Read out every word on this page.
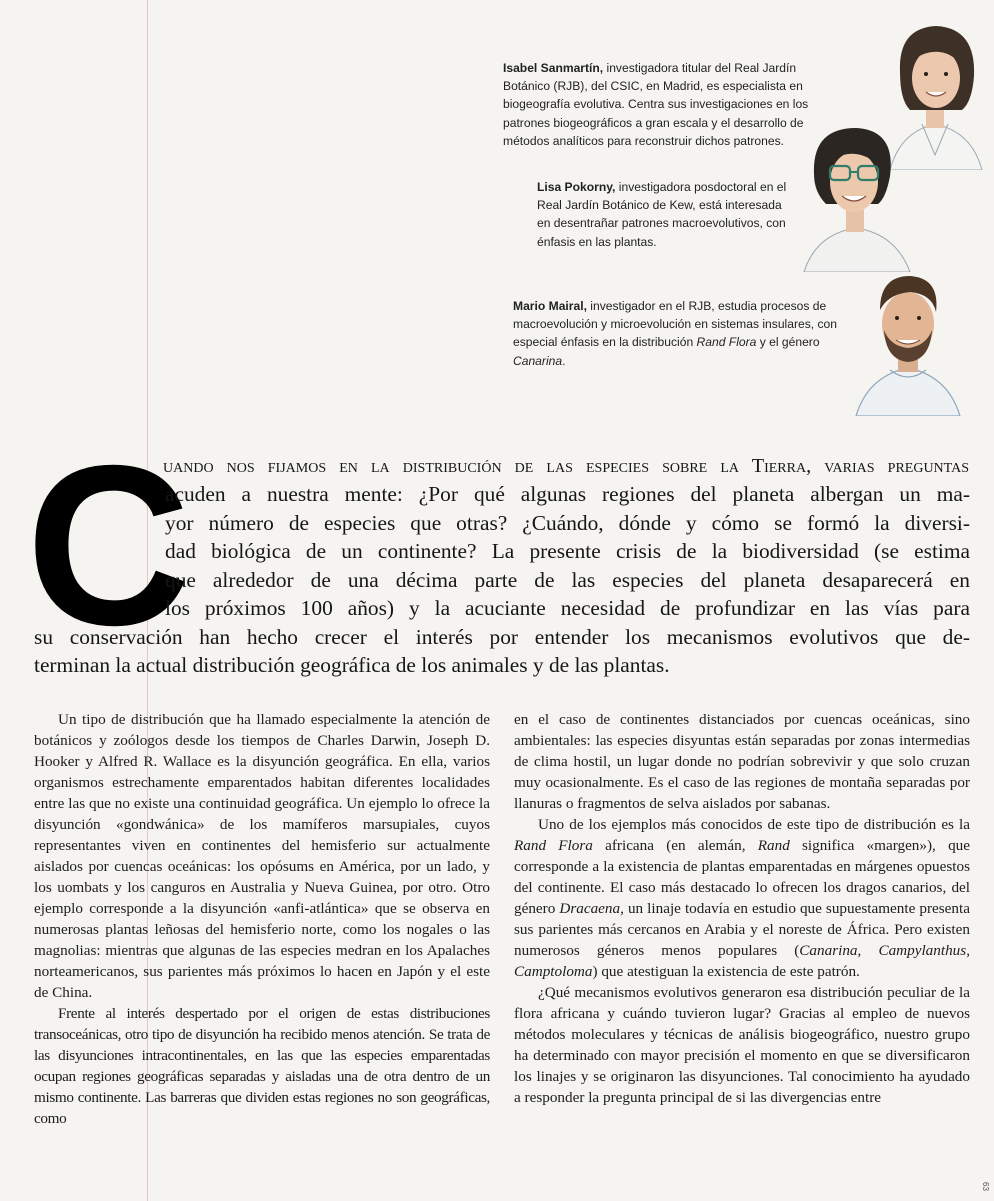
Isabel Sanmartín, investigadora titular del Real Jardín Botánico (RJB), del CSIC, en Madrid, es especialista en biogeografía evolutiva. Centra sus investigaciones en los patrones biogeográficos a gran escala y el desarrollo de métodos analíticos para reconstruir dichos patrones.
Lisa Pokorny, investigadora posdoctoral en el Real Jardín Botánico de Kew, está interesada en desentrañar patrones macroevolutivos, con énfasis en las plantas.
Mario Mairal, investigador en el RJB, estudia procesos de macroevolución y microevolución en sistemas insulares, con especial énfasis en la distribución Rand Flora y el género Canarina.
C
uando nos fijamos en la distribución de las especies sobre la Tierra, varias preguntas
acuden a nuestra mente: ¿Por qué algunas regiones del planeta albergan un ma-
yor número de especies que otras? ¿Cuándo, dónde y cómo se formó la diversi-
dad biológica de un continente? La presente crisis de la biodiversidad (se estima
que alrededor de una décima parte de las especies del planeta desaparecerá en
los próximos 100 años) y la acuciante necesidad de profundizar en las vías para
su conservación han hecho crecer el interés por entender los mecanismos evolutivos que de-
terminan la actual distribución geográfica de los animales y de las plantas.

Un tipo de distribución que ha llamado especialmente la atención de botánicos y zoólogos desde los tiempos de Charles Darwin, Joseph D. Hooker y Alfred R. Wallace es la disyunción geográfica. En ella, varios organismos estrechamente emparentados habitan diferentes localidades entre las que no existe una continuidad geográfica. Un ejemplo lo ofrece la disyunción «gondwánica» de los mamíferos marsupiales, cuyos representantes viven en continentes del hemisferio sur actualmente aislados por cuencas oceánicas: los opósums en América, por un lado, y los uombats y los canguros en Australia y Nueva Guinea, por otro. Otro ejemplo corresponde a la disyunción «anfi-atlántica» que se observa en numerosas plantas leñosas del hemisferio norte, como los nogales o las magnolias: mientras que algunas de las especies medran en los Apalaches norteamericanos, sus parientes más próximos lo hacen en Japón y el este de China.

Frente al interés despertado por el origen de estas distribuciones transoceánicas, otro tipo de disyunción ha recibido menos atención. Se trata de las disyunciones intracontinentales, en las que las especies emparentadas ocupan regiones geográficas separadas y aisladas una de otra dentro de un mismo continente. Las barreras que dividen estas regiones no son geográficas, como

en el caso de continentes distanciados por cuencas oceánicas, sino ambientales: las especies disyuntas están separadas por zonas intermedias de clima hostil, un lugar donde no podrían sobrevivir y que solo cruzan muy ocasionalmente. Es el caso de las regiones de montaña separadas por llanuras o fragmentos de selva aislados por sabanas.

Uno de los ejemplos más conocidos de este tipo de distribución es la Rand Flora africana (en alemán, Rand significa «margen»), que corresponde a la existencia de plantas emparentadas en márgenes opuestos del continente. El caso más destacado lo ofrecen los dragos canarios, del género Dracaena, un linaje todavía en estudio que supuestamente presenta sus parientes más cercanos en Arabia y el noreste de África. Pero existen numerosos géneros menos populares (Canarina, Campylanthus, Camptoloma) que atestiguan la existencia de este patrón.

¿Qué mecanismos evolutivos generaron esa distribución peculiar de la flora africana y cuándo tuvieron lugar? Gracias al empleo de nuevos métodos moleculares y técnicas de análisis biogeográfico, nuestro grupo ha determinado con mayor precisión el momento en que se diversificaron los linajes y se originaron las disyunciones. Tal conocimiento ha ayudado a responder la pregunta principal de si las divergencias entre

63
